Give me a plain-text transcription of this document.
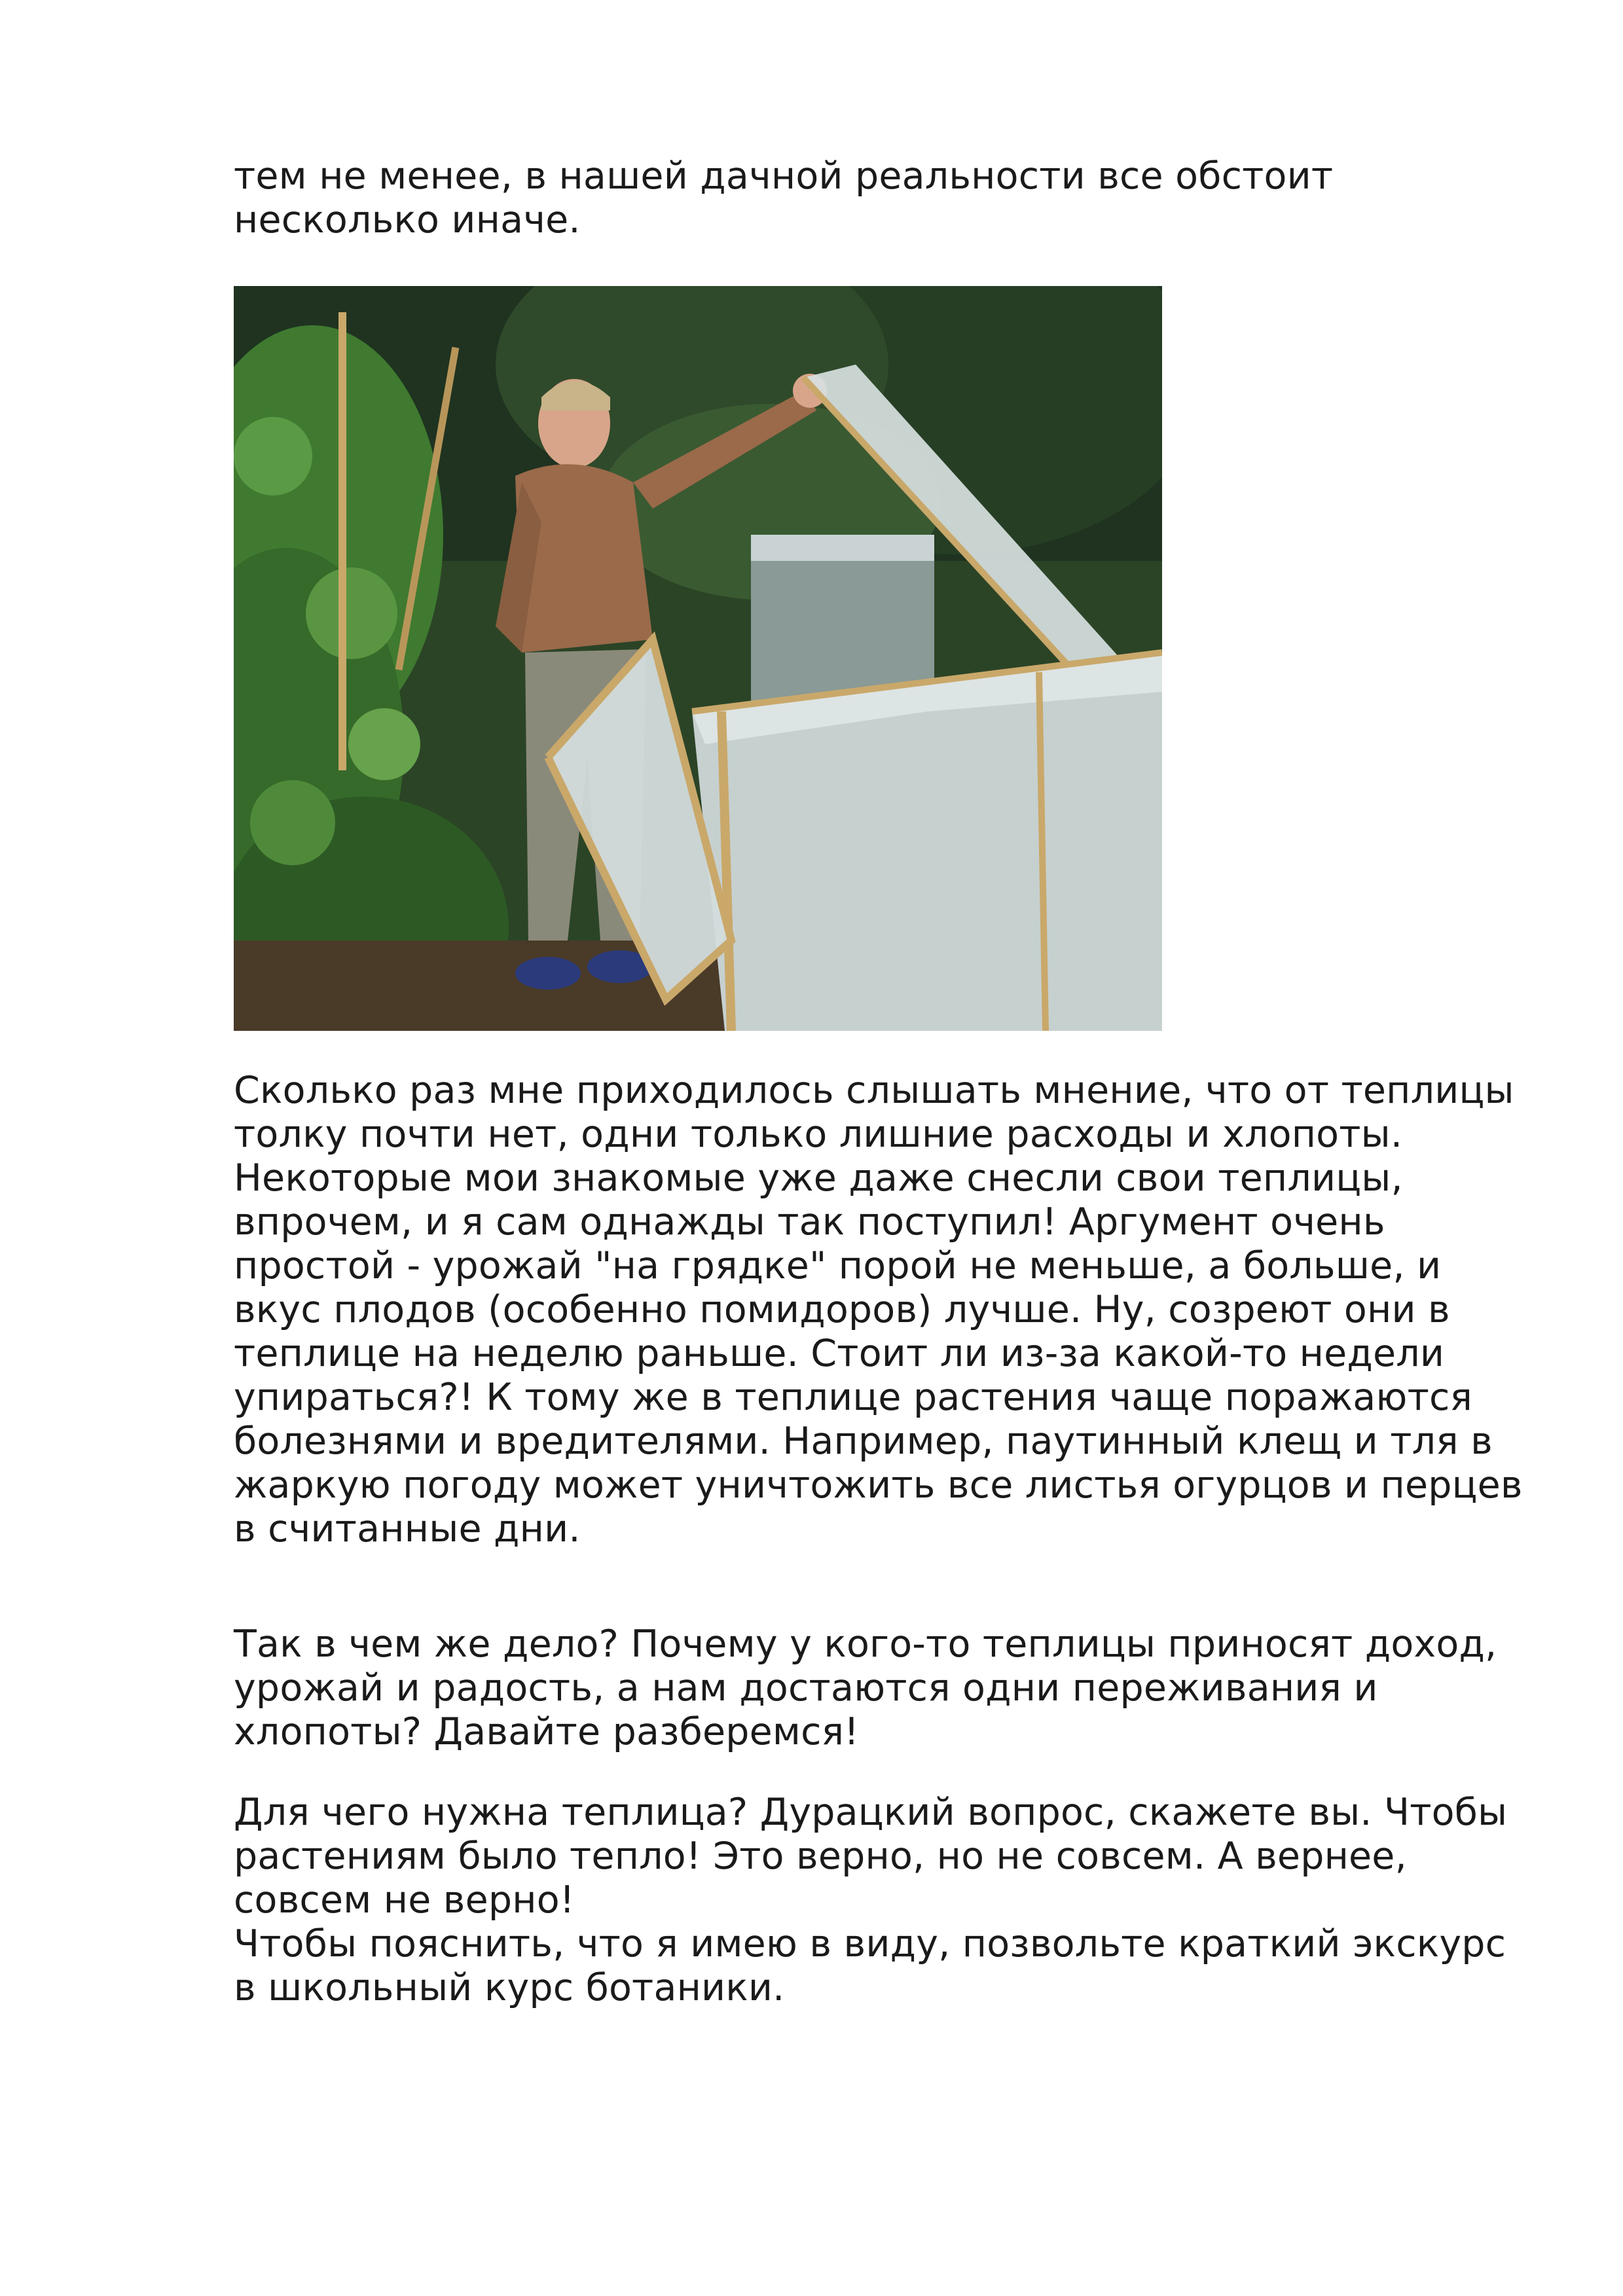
тем не менее, в нашей дачной реальности все обстоит
несколько иначе.

Сколько раз мне приходилось слышать мнение, что от теплицы
толку почти нет, одни только лишние расходы и хлопоты.
Некоторые мои знакомые уже даже снесли свои теплицы,
впрочем, и я сам однажды так поступил! Аргумент очень
простой - урожай "на грядке" порой не меньше, а больше, и
вкус плодов (особенно помидоров) лучше. Ну, созреют они в
теплице на неделю раньше. Стоит ли из-за какой-то недели
упираться?! К тому же в теплице растения чаще поражаются
болезнями и вредителями. Например, паутинный клещ и тля в
жаркую погоду может уничтожить все листья огурцов и перцев
в считанные дни.

Так в чем же дело? Почему у кого-то теплицы приносят доход,
урожай и радость, а нам достаются одни переживания и
хлопоты? Давайте разберемся!

Для чего нужна теплица? Дурацкий вопрос, скажете вы. Чтобы
растениям было тепло! Это верно, но не совсем. А вернее,
совсем не верно!
Чтобы пояснить, что я имею в виду, позвольте краткий экскурс
в школьный курс ботаники.
